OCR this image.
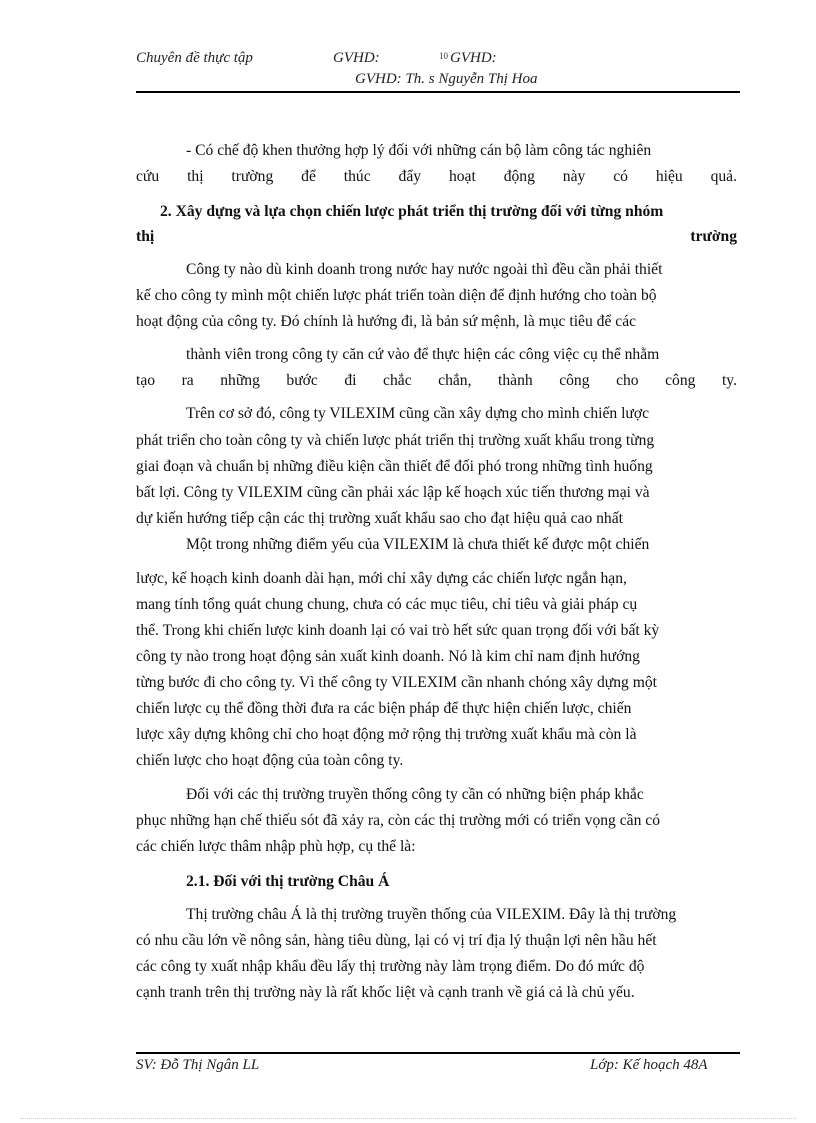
Chuyên đề thực tập	GVHD:	10 GVHD:
GVHD: Th. s Nguyễn Thị Hoa
- Có chế độ khen thưởng hợp lý đối với những cán bộ làm công tác nghiên
cứu thị trường để thúc đẩy hoạt động này có hiệu quả.
2. Xây dựng và lựa chọn chiến lược phát triển thị trường đối với từng nhóm
thị trường
Công ty nào dù kinh doanh trong nước hay nước ngoài thì đều cần phải thiết
kế cho công ty mình một chiến lược phát triển toàn diện để định hướng cho toàn bộ
hoạt động của công ty. Đó chính là hướng đi, là bản sứ mệnh, là mục tiêu để các
thành viên trong công ty căn cứ vào để thực hiện các công việc cụ thể nhằm
tạo ra những bước đi chắc chắn, thành công cho công ty.
Trên cơ sở đó, công ty VILEXIM cũng cần xây dựng cho mình chiến lược
phát triển cho toàn công ty và chiến lược phát triển thị trường xuất khẩu trong từng
giai đoạn và chuẩn bị những điều kiện cần thiết để đối phó trong những tình huống
bất lợi. Công ty VILEXIM cũng cần phải xác lập kế hoạch xúc tiến thương mại và
dự kiến hướng tiếp cận các thị trường xuất khẩu sao cho đạt hiệu quả cao nhất
Một trong những điểm yếu của VILEXIM là chưa thiết kế được một chiến
lược, kế hoạch kinh doanh dài hạn, mới chỉ xây dựng các chiến lược ngắn hạn,
mang tính tổng quát chung chung, chưa có các mục tiêu, chỉ tiêu và giải pháp cụ
thể. Trong khi chiến lược kinh doanh lại có vai trò hết sức quan trọng đối với bất kỳ
công ty nào trong hoạt động sản xuất kinh doanh. Nó là kim chỉ nam định hướng
từng bước đi cho công ty. Vì thế công ty VILEXIM cần nhanh chóng xây dựng một
chiến lược cụ thể đồng thời đưa ra các biện pháp để thực hiện chiến lược, chiến
lược xây dựng không chỉ cho hoạt động mở rộng thị trường xuất khẩu mà còn là
chiến lược cho hoạt động của toàn công ty.
Đối với các thị trường truyền thống công ty cần có những biện pháp khắc
phục những hạn chế thiếu sót đã xảy ra, còn các thị trường mới có triển vọng cần có
các chiến lược thâm nhập phù hợp, cụ thể là:
2.1. Đối với thị trường Châu Á
Thị trường châu Á là thị trường truyền thống của VILEXIM. Đây là thị trường
có nhu cầu lớn về nông sản, hàng tiêu dùng, lại có vị trí địa lý thuận lợi nên hầu hết
các công ty xuất nhập khẩu đều lấy thị trường này làm trọng điểm. Do đó mức độ
cạnh tranh trên thị trường này là rất khốc liệt và cạnh tranh về giá cả là chủ yếu.
SV: Đỗ Thị Ngân LL	Lớp: Kế hoạch 48A
